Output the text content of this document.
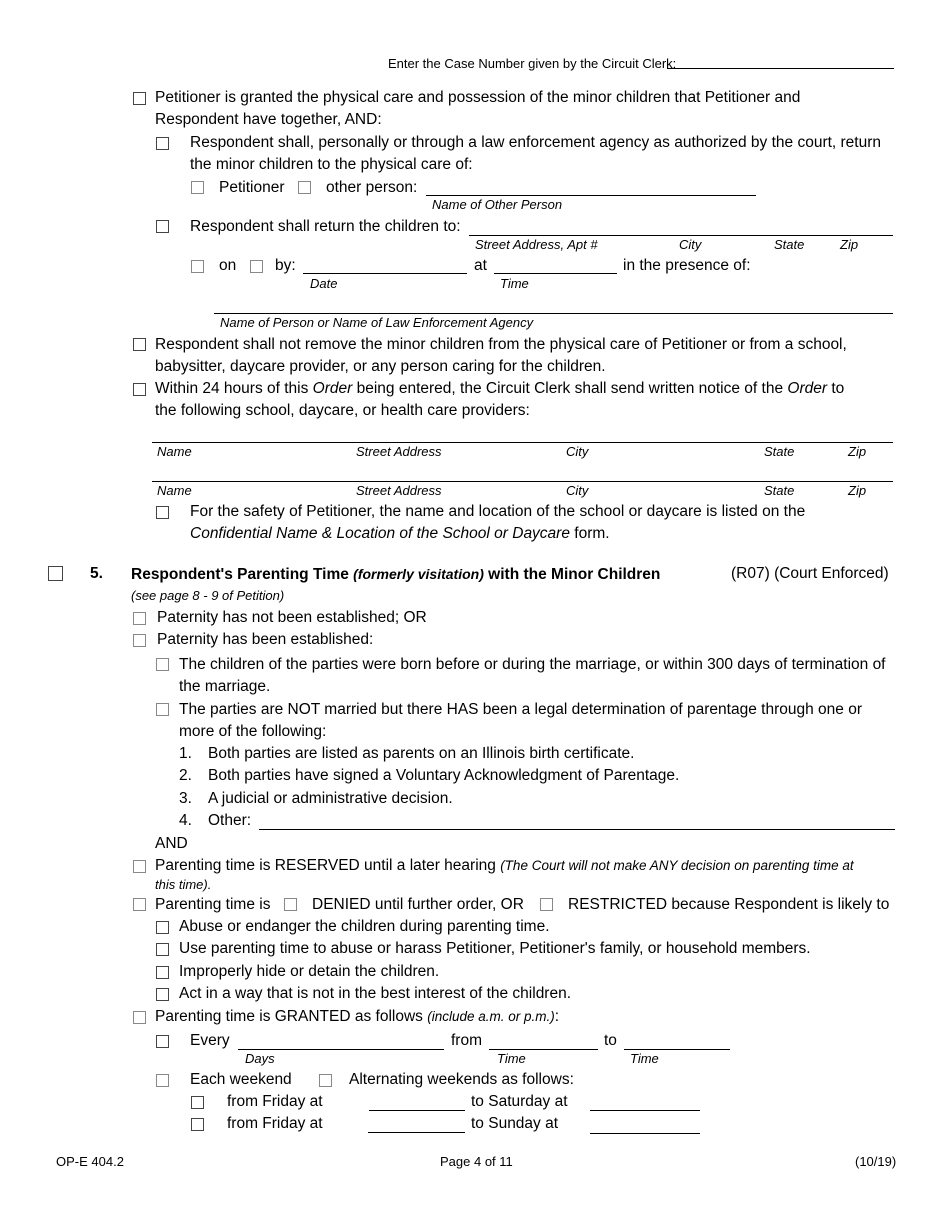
Enter the Case Number given by the Circuit Clerk:
Petitioner is granted the physical care and possession of the minor children that Petitioner and
Respondent have together, AND:
Respondent shall, personally or through a law enforcement agency as authorized by the court, return
the minor children to the physical care of:
Petitioner	other person:
Name of Other Person
Respondent shall return the children to:
Street Address, Apt #	City	State	Zip
on	by:
Date
at
Time
in the presence of:
Name of Person or Name of Law Enforcement Agency
Respondent shall not remove the minor children from the physical care of Petitioner or from a school,
babysitter, daycare provider, or any person caring for the children.
Within 24 hours of this Order being entered, the Circuit Clerk shall send written notice of the Order to
the following school, daycare, or health care providers:
Name	Street Address	City	State	Zip
Name	Street Address	City	State	Zip
For the safety of Petitioner, the name and location of the school or daycare is listed on the
Confidential Name & Location of the School or Daycare form.
5. Respondent's Parenting Time (formerly visitation) with the Minor Children	(R07) (Court Enforced)
(see page 8 - 9 of Petition)
Paternity has not been established; OR
Paternity has been established:
The children of the parties were born before or during the marriage, or within 300 days of termination of
the marriage.
The parties are NOT married but there HAS been a legal determination of parentage through one or
more of the following:
1. Both parties are listed as parents on an Illinois birth certificate.
2. Both parties have signed a Voluntary Acknowledgment of Parentage.
3. A judicial or administrative decision.
4. Other:
AND
Parenting time is RESERVED until a later hearing (The Court will not make ANY decision on parenting time at
this time).
Parenting time is	DENIED until further order, OR	RESTRICTED because Respondent is likely to
Abuse or endanger the children during parenting time.
Use parenting time to abuse or harass Petitioner, Petitioner's family, or household members.
Improperly hide or detain the children.
Act in a way that is not in the best interest of the children.
Parenting time is GRANTED as follows (include a.m. or p.m.):
Every
Days
from
Time
to
Time
Each weekend	Alternating weekends as follows:
from Friday at	to Saturday at
from Friday at	to Sunday at
OP-E 404.2	Page 4 of 11	(10/19)
